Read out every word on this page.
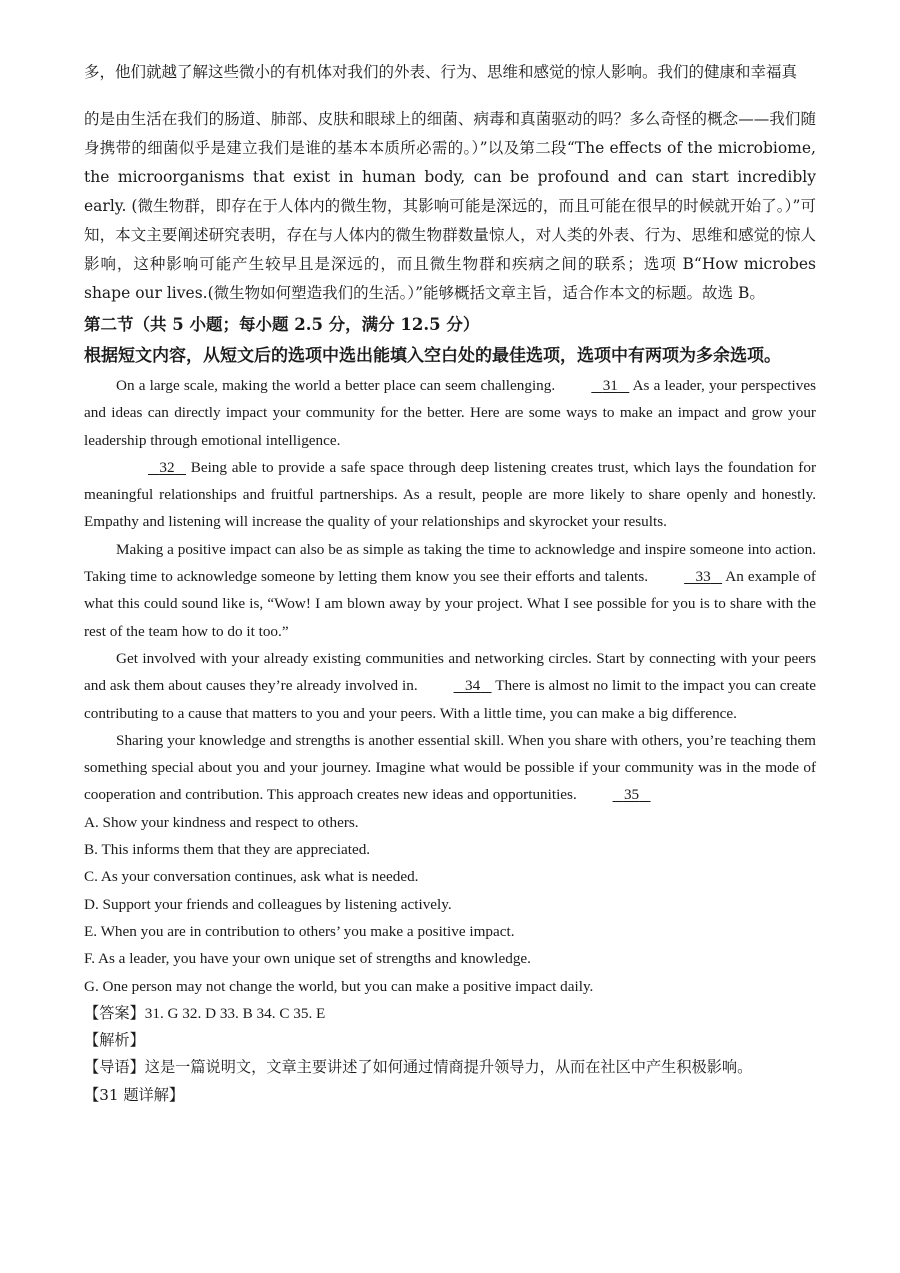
多，他们就越了解这些微小的有机体对我们的外表、行为、思维和感觉的惊人影响。我们的健康和幸福真
的是由生活在我们的肠道、肺部、皮肤和眼球上的细菌、病毒和真菌驱动的吗？多么奇怪的概念——我们随身携带的细菌似乎是建立我们是谁的基本本质所必需的。）”以及第二段“The effects of the microbiome, the microorganisms that exist in human body, can be profound and can start incredibly early. (微生物群，即存在于人体内的微生物，其影响可能是深远的，而且可能在很早的时候就开始了。）”可知，本文主要阐述研究表明，存在与人体内的微生物群数量惊人，对人类的外表、行为、思维和感觉的惊人影响，这种影响可能产生较早且是深远的，而且微生物群和疾病之间的联系；选项 B“How microbes shape our lives.(微生物如何塑造我们的生活。）”能够概括文章主旨，适合作本文的标题。故选 B。

第二节（共 5 小题；每小题 2.5 分，满分 12.5 分）

根据短文内容，从短文后的选项中选出能填入空白处的最佳选项，选项中有两项为多余选项。

On a large scale, making the world a better place can seem challenging.	31 As a leader, your perspectives and ideas can directly impact your community for the better. Here are some ways to make an impact and grow your leadership through emotional intelligence.

32 Being able to provide a safe space through deep listening creates trust, which lays the foundation for meaningful relationships and fruitful partnerships. As a result, people are more likely to share openly and honestly. Empathy and listening will increase the quality of your relationships and skyrocket your results.

Making a positive impact can also be as simple as taking the time to acknowledge and inspire someone into action. Taking time to acknowledge someone by letting them know you see their efforts and talents.	33 An example of what this could sound like is, “Wow! I am blown away by your project. What I see possible for you is to share with the rest of the team how to do it too.”

Get involved with your already existing communities and networking circles. Start by connecting with your peers and ask them about causes they’re already involved in.	34 There is almost no limit to the impact you can create contributing to a cause that matters to you and your peers. With a little time, you can make a big difference.

Sharing your knowledge and strengths is another essential skill. When you share with others, you’re teaching them something special about you and your journey. Imagine what would be possible if your community was in the mode of cooperation and contribution. This approach creates new ideas and opportunities.	35

A. Show your kindness and respect to others.

B. This informs them that they are appreciated.

C. As your conversation continues, ask what is needed.

D. Support your friends and colleagues by listening actively.

E. When you are in contribution to others’ you make a positive impact.

F. As a leader, you have your own unique set of strengths and knowledge.

G. One person may not change the world, but you can make a positive impact daily.

【答案】31. G 32. D 33. B 34. C 35. E

【解析】

【导语】这是一篇说明文，文章主要讲述了如何通过情商提升领导力，从而在社区中产生积极影响。

【31 题详解】
